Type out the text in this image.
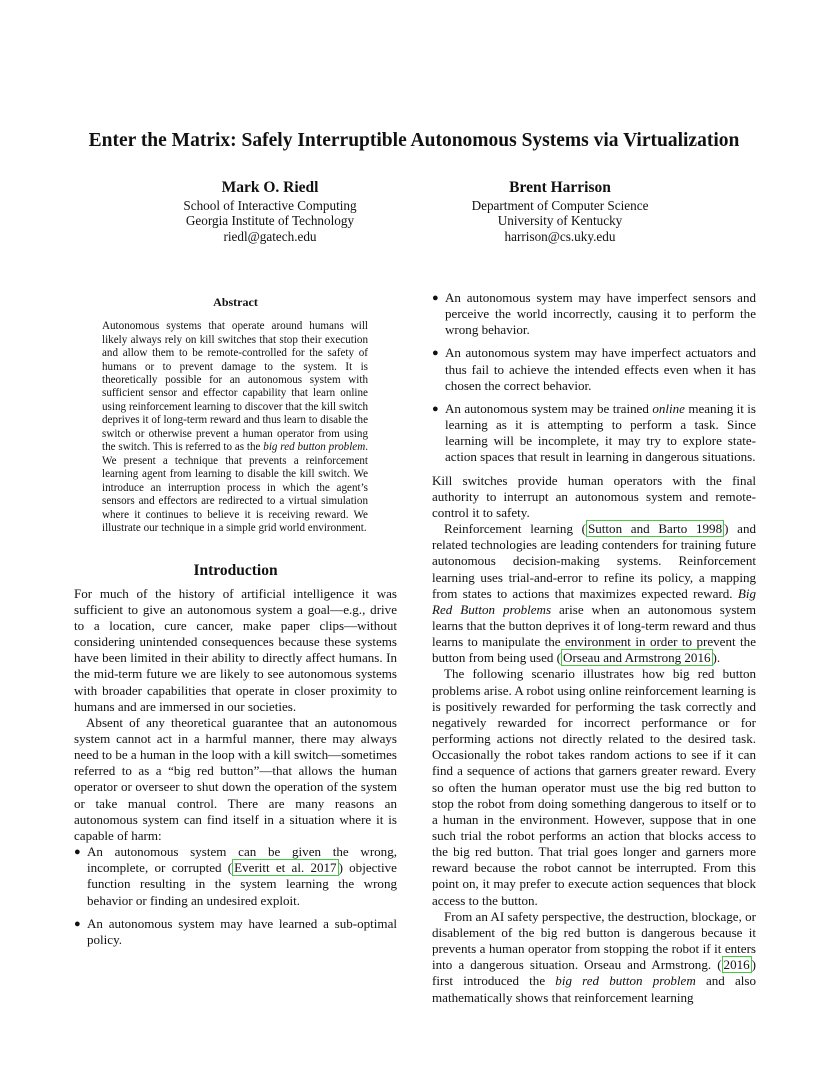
Enter the Matrix: Safely Interruptible Autonomous Systems via Virtualization
Mark O. Riedl
School of Interactive Computing
Georgia Institute of Technology
riedl@gatech.edu
Brent Harrison
Department of Computer Science
University of Kentucky
harrison@cs.uky.edu
Abstract
Autonomous systems that operate around humans will likely always rely on kill switches that stop their execution and allow them to be remote-controlled for the safety of humans or to prevent damage to the system. It is theoretically possible for an autonomous system with sufficient sensor and effector capability that learn online using reinforcement learning to discover that the kill switch deprives it of long-term reward and thus learn to disable the switch or otherwise prevent a human operator from using the switch. This is referred to as the big red button problem. We present a technique that prevents a reinforcement learning agent from learning to disable the kill switch. We introduce an interruption process in which the agent’s sensors and effectors are redirected to a virtual simulation where it continues to believe it is receiving reward. We illustrate our technique in a simple grid world environment.
Introduction

For much of the history of artificial intelligence it was sufficient to give an autonomous system a goal—e.g., drive to a location, cure cancer, make paper clips—without considering unintended consequences because these systems have been limited in their ability to directly affect humans. In the mid-term future we are likely to see autonomous systems with broader capabilities that operate in closer proximity to humans and are immersed in our societies.

Absent of any theoretical guarantee that an autonomous system cannot act in a harmful manner, there may always need to be a human in the loop with a kill switch—sometimes referred to as a “big red button”—that allows the human operator or overseer to shut down the operation of the system or take manual control. There are many reasons an autonomous system can find itself in a situation where it is capable of harm:

● An autonomous system can be given the wrong, incomplete, or corrupted ( Everitt et al. 2017 ) objective function resulting in the system learning the wrong behavior or finding an undesired exploit.
● An autonomous system may have learned a sub-optimal policy.
● An autonomous system may have imperfect sensors and perceive the world incorrectly, causing it to perform the wrong behavior.
● An autonomous system may have imperfect actuators and thus fail to achieve the intended effects even when it has chosen the correct behavior.
● An autonomous system may be trained online meaning it is learning as it is attempting to perform a task. Since learning will be incomplete, it may try to explore state-action spaces that result in learning in dangerous situations.

Kill switches provide human operators with the final authority to interrupt an autonomous system and remote-control it to safety.

Reinforcement learning ( Sutton and Barto 1998 ) and related technologies are leading contenders for training future autonomous decision-making systems. Reinforcement learning uses trial-and-error to refine its policy, a mapping from states to actions that maximizes expected reward. Big Red Button problems arise when an autonomous system learns that the button deprives it of long-term reward and thus learns to manipulate the environment in order to prevent the button from being used ( Orseau and Armstrong 2016 ).

The following scenario illustrates how big red button problems arise. A robot using online reinforcement learning is is positively rewarded for performing the task correctly and negatively rewarded for incorrect performance or for performing actions not directly related to the desired task. Occasionally the robot takes random actions to see if it can find a sequence of actions that garners greater reward. Every so often the human operator must use the big red button to stop the robot from doing something dangerous to itself or to a human in the environment. However, suppose that in one such trial the robot performs an action that blocks access to the big red button. That trial goes longer and garners more reward because the robot cannot be interrupted. From this point on, it may prefer to execute action sequences that block access to the button.

From an AI safety perspective, the destruction, blockage, or disablement of the big red button is dangerous because it prevents a human operator from stopping the robot if it enters into a dangerous situation. Orseau and Armstrong. ( 2016 ) first introduced the big red button problem and also mathematically shows that reinforcement learning
